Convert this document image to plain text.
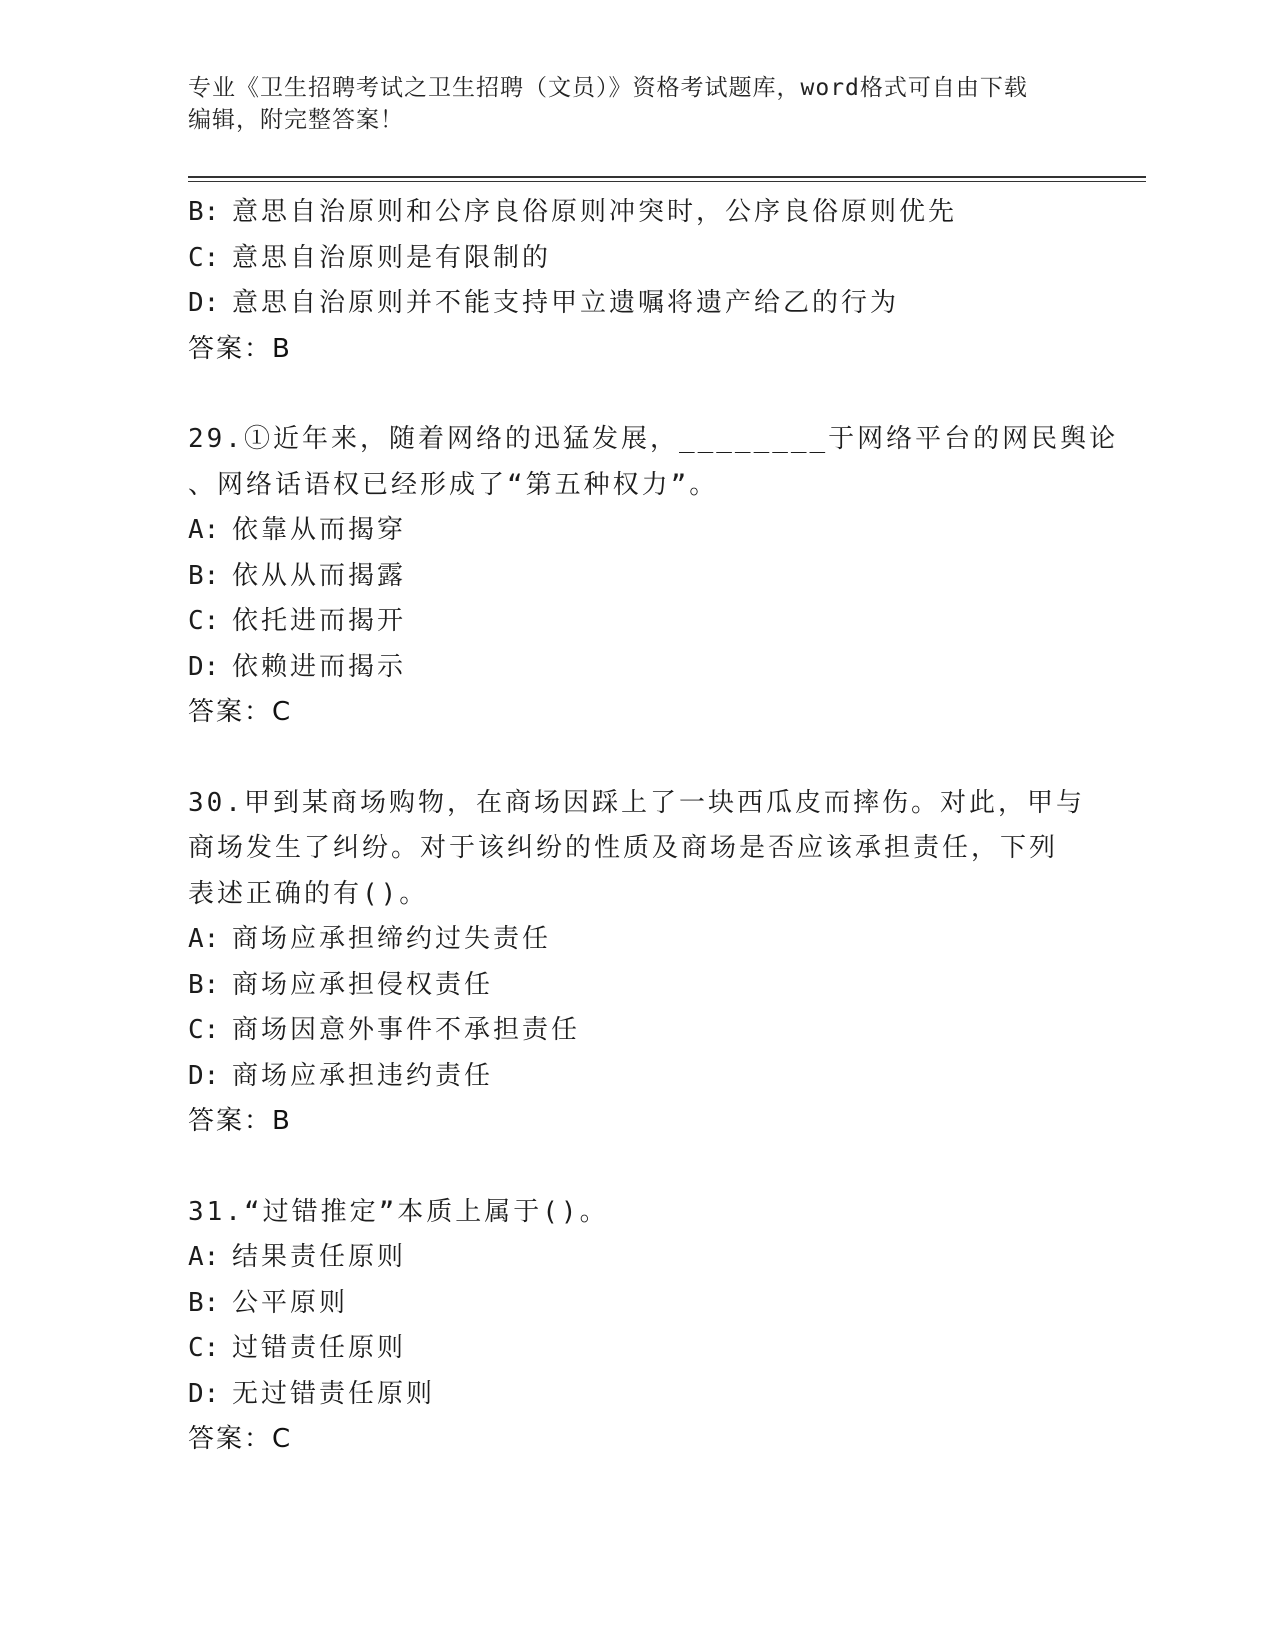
专业《卫生招聘考试之卫生招聘（文员）》资格考试题库，word格式可自由下载
编辑，附完整答案！
B: 意思自治原则和公序良俗原则冲突时，公序良俗原则优先
C: 意思自治原则是有限制的
D: 意思自治原则并不能支持甲立遗嘱将遗产给乙的行为
答案：B
29.①近年来，随着网络的迅猛发展，________于网络平台的网民舆论
、网络话语权已经形成了“第五种权力”。
A: 依靠从而揭穿
B: 依从从而揭露
C: 依托进而揭开
D: 依赖进而揭示
答案：C
30.甲到某商场购物，在商场因踩上了一块西瓜皮而摔伤。对此，甲与
商场发生了纠纷。对于该纠纷的性质及商场是否应该承担责任，下列
表述正确的有()。
A: 商场应承担缔约过失责任
B: 商场应承担侵权责任
C: 商场因意外事件不承担责任
D: 商场应承担违约责任
答案：B
31.“过错推定”本质上属于()。
A: 结果责任原则
B: 公平原则
C: 过错责任原则
D: 无过错责任原则
答案：C
